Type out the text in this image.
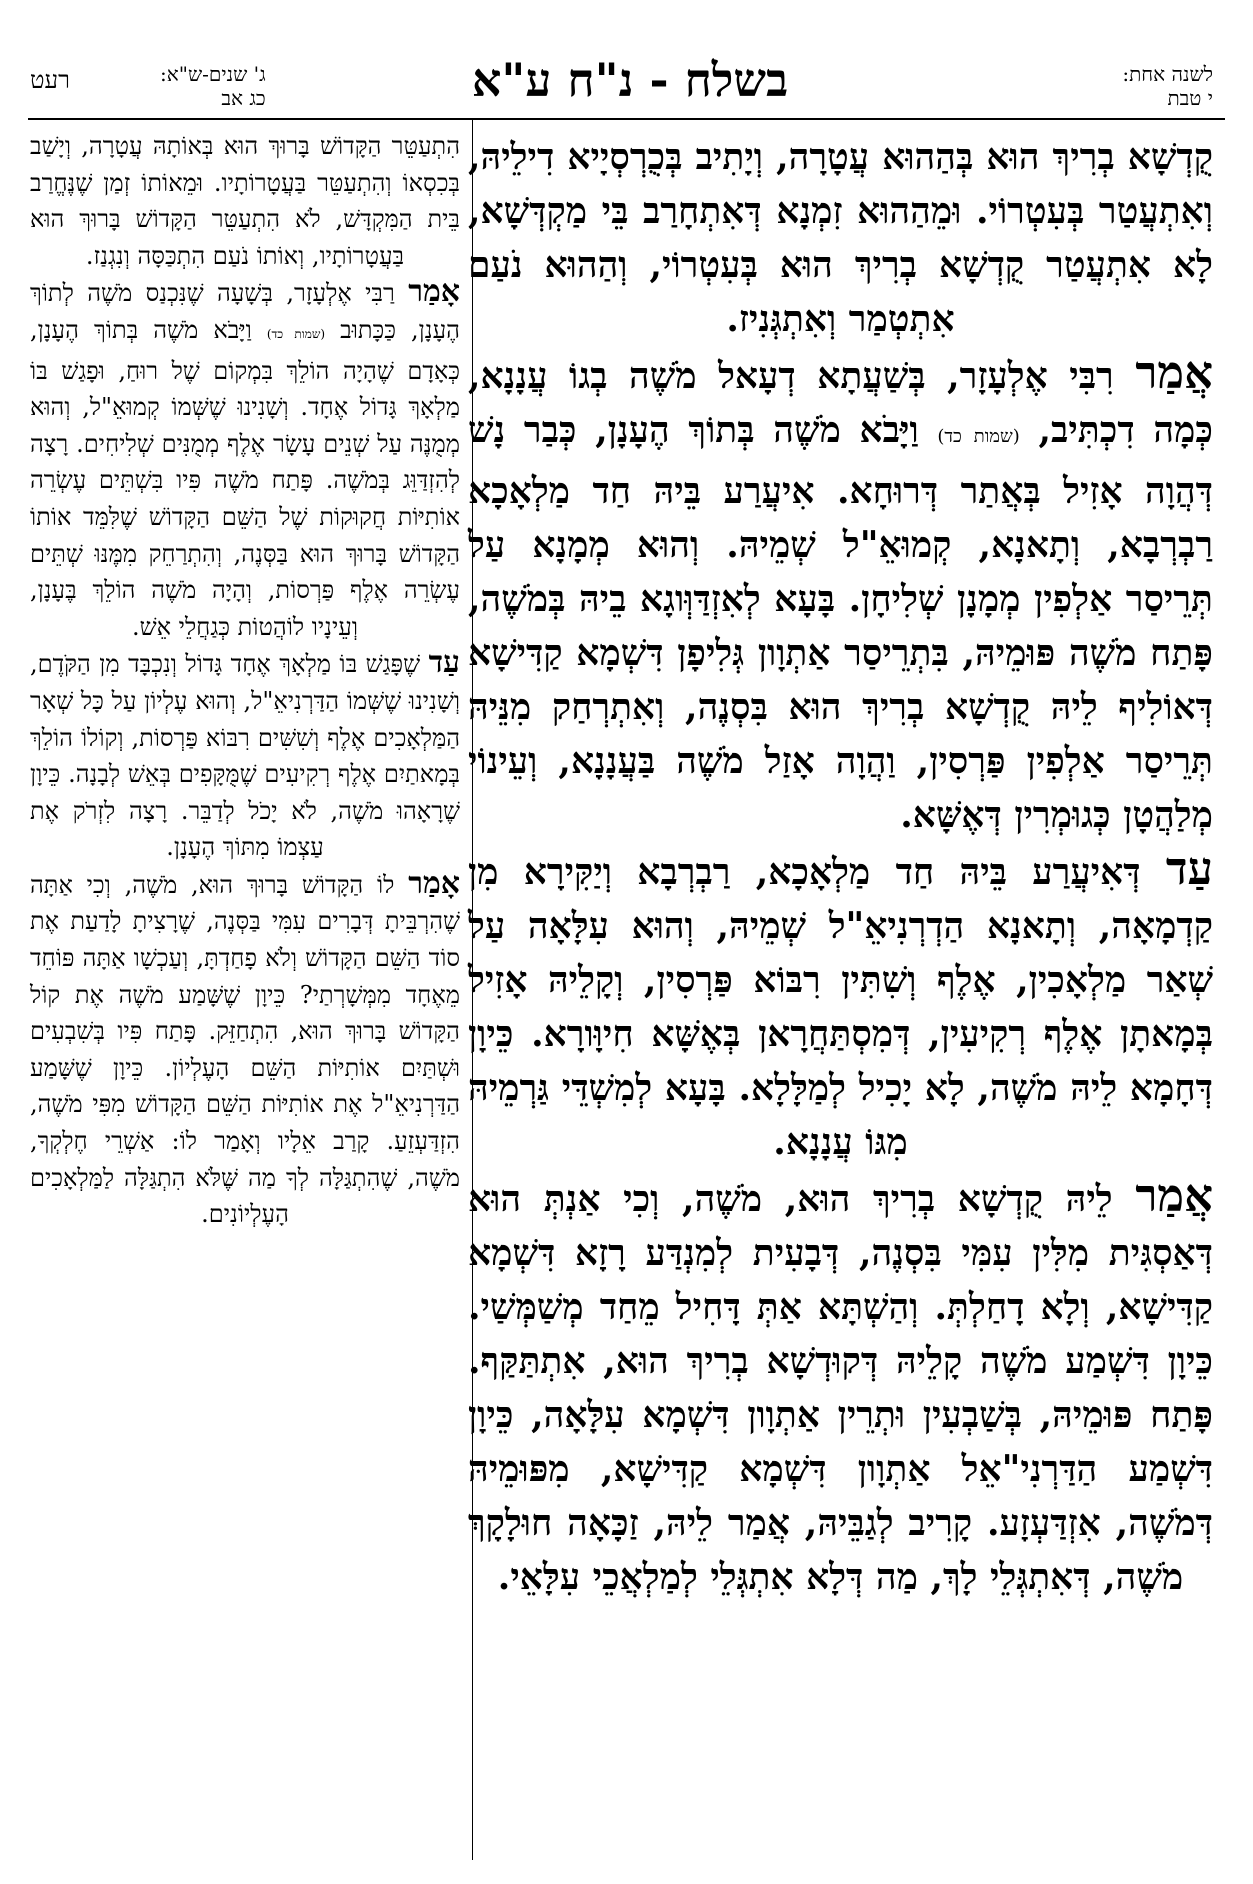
לשנה אחת:
י טבת
בשלח - נ"ח ע"א
ג' שנים-ש"א:
כג אב
רעט

קֻדְשָׁא בְרִיךְ הוּא בְּהַהוּא עֲטָרָה, וְיָתִיב בְּכֻרְסְיָיא דִילֵיהּ, וְאִתְעֲטַר בְּעִטְרוֹי. וּמֵהַהוּא זִמְנָא דְּאִתְחָרַב בֵּי מַקְדְּשָׁא, לָא אִתְעֲטַר קֻדְשָׁא בְרִיךְ הוּא בְּעִטְרוֹי, וְהַהוּא נֹעַם אִתְטְמַר וְאִתְגְּנִיז.

אֲמַר רִבִּי אֶלְעָזָר, בְּשַׁעֲתָא דְעָאל מֹשֶׁה בְגוֹ עֲנָנָא, כְּמָה דִכְתִּיב, (שמות כד) וַיָּבֹא מֹשֶׁה בְּתוֹךְ הֶעָנָן, כְּבַר נָשׁ דְּהֲוָה אָזִיל בְּאֲתַר דְּרוּחָא. אִיעֲרַע בֵּיהּ חַד מַלְאָכָא רַבְרְבָא, וְתָאנָא, קְמוּאֵ"ל שְׁמֵיהּ. וְהוּא מְמָנָא עַל תְּרֵיסַר אַלְפִין מְמָנָן שְׁלִיחָן. בָּעָא לְאִזְדַּוְּוגָא בֵיהּ בְּמֹשֶׁה, פָּתַח מֹשֶׁה פּוּמֵיהּ, בִּתְרֵיסַר אַתְוָון גְּלִיפָן דִּשְׁמָא קַדִּישָׁא דְּאוֹלִיף לֵיהּ קֻדְשָׁא בְרִיךְ הוּא בִּסְנֶה, וְאִתְרְחַק מִנֵּיהּ תְּרֵיסַר אַלְפִין פַּרְסִין, וַהֲוָה אָזַל מֹשֶׁה בַּעֲנָנָא, וְעֵינוֹי מְלַהֲטָן כְּגוּמְרִין דְּאֶשָּׁא.

עַד דְּאִיעֲרַע בֵּיהּ חַד מַלְאָכָא, רַבְרְבָא וְיַקִּירָא מִן קַדְמָאָה, וְתָאנָא הַדְרְנִיאֵ"ל שְׁמֵיהּ, וְהוּא עִלָּאָה עַל שְׁאַר מַלְאָכִין, אֶלֶף וְשִׁתִּין רִבּוֹא פַּרְסִין, וְקָלֵיהּ אָזִיל בְּמָאתָן אֶלֶף רְקִיעִין, דְּמִסְתַּחֲרָאן בְּאֶשָּׁא חִיוָּורָא. כֵּיוָן דְּחָמָא לֵיהּ מֹשֶׁה, לָא יָכִיל לְמַלָּלָא. בָּעָא לְמִשְׁדֵּי גַּרְמֵיהּ מִגּוֹ עֲנָנָא.

אֲמַר לֵיהּ קֻדְשָׁא בְרִיךְ הוּא, מֹשֶׁה, וְכִי אַנְתְּ הוּא דְּאַסְגִּית מִלִּין עִמִּי בִּסְנֶה, דְּבָעִית לְמִנְדַּע רָזָא דִּשְׁמָא קַדִּישָׁא, וְלָא דָחַלְתְּ. וְהַשְׁתָּא אַתְּ דָּחִיל מֵחַד מְשַׁמְּשַׁי. כֵּיוָן דִּשְׁמַע מֹשֶׁה קָלֵיהּ דְּקוּדְשָׁא בְרִיךְ הוּא, אִתְתַּקַּף. פָּתַח פּוּמֵיהּ, בְּשַׁבְעִין וּתְרֵין אַתְוָון דִּשְׁמָא עִלָּאָה, כֵּיוָן דִּשְׁמַע הַדַּרְנִי"אֵל אַתְוָון דִּשְׁמָא קַדִּישָׁא, מִפּוּמֵיהּ דְּמֹשֶׁה, אִזְדַּעְזָע. קָרִיב לְגַבֵּיהּ, אֲמַר לֵיהּ, זַכָּאָה חוּלָקָךְ מֹשֶׁה, דְּאִתְגְּלֵי לָךְ, מַה דְּלָא אִתְגְּלֵי לְמַלְאֲכֵי עִלָּאֵי.

הִתְעַטֵּר הַקָּדוֹשׁ בָּרוּךְ הוּא בְּאוֹתָהּ עֲטָרָה, וְיָשַׁב בְּכִסְאוֹ וְהִתְעַטֵּר בַּעֲטָרוֹתָיו. וּמֵאוֹתוֹ זְמַן שֶׁנֶּחֱרַב בֵּית הַמִּקְדָּשׁ, לֹא הִתְעַטֵּר הַקָּדוֹשׁ בָּרוּךְ הוּא בַּעֲטָרוֹתָיו, וְאוֹתוֹ נֹעַם הִתְכַּסָּה וְנִגְנַז.

אָמַר רַבִּי אֶלְעָזָר, בְּשָׁעָה שֶׁנִּכְנַס מֹשֶׁה לְתוֹךְ הֶעָנָן, כַּכָּתוּב (שמות כד) וַיָּבֹא מֹשֶׁה בְּתוֹךְ הֶעָנָן, כְּאָדָם שֶׁהָיָה הוֹלֵךְ בִּמְקוֹם שֶׁל רוּחַ, וּפָגַשׁ בּוֹ מַלְאָךְ גָּדוֹל אֶחָד. וְשָׁנִינוּ שֶׁשְּׁמוֹ קְמוּאֵ"ל, וְהוּא מְמֻנֶּה עַל שְׁנֵים עָשָׂר אֶלֶף מְמֻנִּים שְׁלִיחִים. רָצָה לְהִזְדַּוֵּג בְּמֹשֶׁה. פָּתַח מֹשֶׁה פִּיו בִּשְׁתֵּים עֶשְׂרֵה אוֹתִיּוֹת חֲקוּקוֹת שֶׁל הַשֵּׁם הַקָּדוֹשׁ שֶׁלִּמֵּד אוֹתוֹ הַקָּדוֹשׁ בָּרוּךְ הוּא בַּסְּנֶה, וְהִתְרַחֵק מִמֶּנּוּ שְׁתֵּים עֶשְׂרֵה אֶלֶף פַּרְסוֹת, וְהָיָה מֹשֶׁה הוֹלֵךְ בֶּעָנָן, וְעֵינָיו לוֹהֲטוֹת כְּגַחֲלֵי אֵשׁ.

עַד שֶׁפָּגַשׁ בּוֹ מַלְאָךְ אֶחָד גָּדוֹל וְנִכְבָּד מִן הַקֹּדֶם, וְשָׁנִינוּ שֶׁשְּׁמוֹ הַדַּרְנִיאֵ"ל, וְהוּא עֶלְיוֹן עַל כָּל שְׁאָר הַמַּלְאָכִים אֶלֶף וְשִׁשִּׁים רִבּוֹא פַּרְסוֹת, וְקוֹלוֹ הוֹלֵךְ בְּמָאתַיִם אֶלֶף רְקִיעִים שֶׁמֻּקָּפִים בְּאֵשׁ לְבָנָה. כֵּיוָן שֶׁרָאָהוּ מֹשֶׁה, לֹא יָכֹל לְדַבֵּר. רָצָה לִזְרֹק אֶת עַצְמוֹ מִתּוֹךְ הֶעָנָן.

אָמַר לוֹ הַקָּדוֹשׁ בָּרוּךְ הוּא, מֹשֶׁה, וְכִי אַתָּה שֶׁהִרְבֵּיתָ דְּבָרִים עִמִּי בַּסְּנֶה, שֶׁרָצִיתָ לָדַעַת אֶת סוֹד הַשֵּׁם הַקָּדוֹשׁ וְלֹא פָחַדְתָּ, וְעַכְשָׁו אַתָּה פּוֹחֵד מֵאֶחָד מִמְּשָׁרְתַי? כֵּיוָן שֶׁשָּׁמַע מֹשֶׁה אֶת קוֹל הַקָּדוֹשׁ בָּרוּךְ הוּא, הִתְחַזֵּק. פָּתַח פִּיו בְּשִׁבְעִים וּשְׁתַּיִם אוֹתִיּוֹת הַשֵּׁם הָעֶלְיוֹן. כֵּיוָן שֶׁשָּׁמַע הַדַּרְנִיאֵ"ל אֶת אוֹתִיּוֹת הַשֵּׁם הַקָּדוֹשׁ מִפִּי מֹשֶׁה, הִזְדַּעְזֵעַ. קָרַב אֵלָיו וְאָמַר לוֹ: אַשְׁרֵי חֶלְקְךָ, מֹשֶׁה, שֶׁהִתְגַּלָּה לְךָ מַה שֶּׁלֹּא הִתְגַּלָּה לַמַּלְאָכִים הָעֶלְיוֹנִים.
